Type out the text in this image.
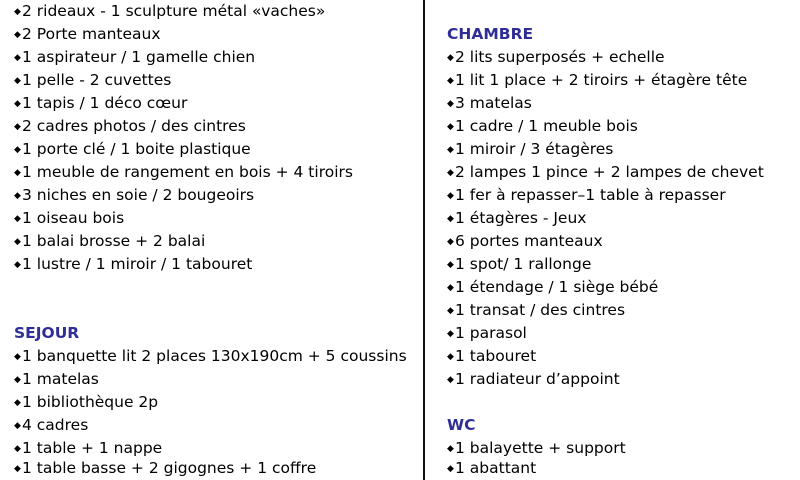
◆2 rideaux - 1 sculpture métal «vaches»
◆2 Porte manteaux
◆1 aspirateur / 1 gamelle chien
◆1 pelle - 2 cuvettes
◆1 tapis / 1 déco cœur
◆2 cadres photos / des cintres
◆1 porte clé / 1 boite plastique
◆1 meuble de rangement en bois + 4 tiroirs
◆3 niches en soie / 2 bougeoirs
◆1 oiseau bois
◆1 balai brosse + 2 balai
◆1 lustre / 1 miroir / 1 tabouret
SEJOUR
◆1 banquette lit 2 places 130x190cm + 5 coussins
◆1 matelas
◆1 bibliothèque 2p
◆4 cadres
◆1 table + 1 nappe
◆1 table basse + 2 gigognes + 1 coffre
CHAMBRE
◆2 lits superposés + echelle
◆1 lit 1 place + 2 tiroirs + étagère tête
◆3 matelas
◆1 cadre / 1 meuble bois
◆1 miroir / 3 étagères
◆2 lampes 1 pince + 2 lampes de chevet
◆1 fer à repasser–1 table à repasser
◆1 étagères - Jeux
◆6 portes manteaux
◆1 spot/ 1 rallonge
◆1 étendage / 1 siège bébé
◆1 transat / des cintres
◆1 parasol
◆1 tabouret
◆1 radiateur d’appoint
WC
◆1 balayette + support
◆1 abattant
